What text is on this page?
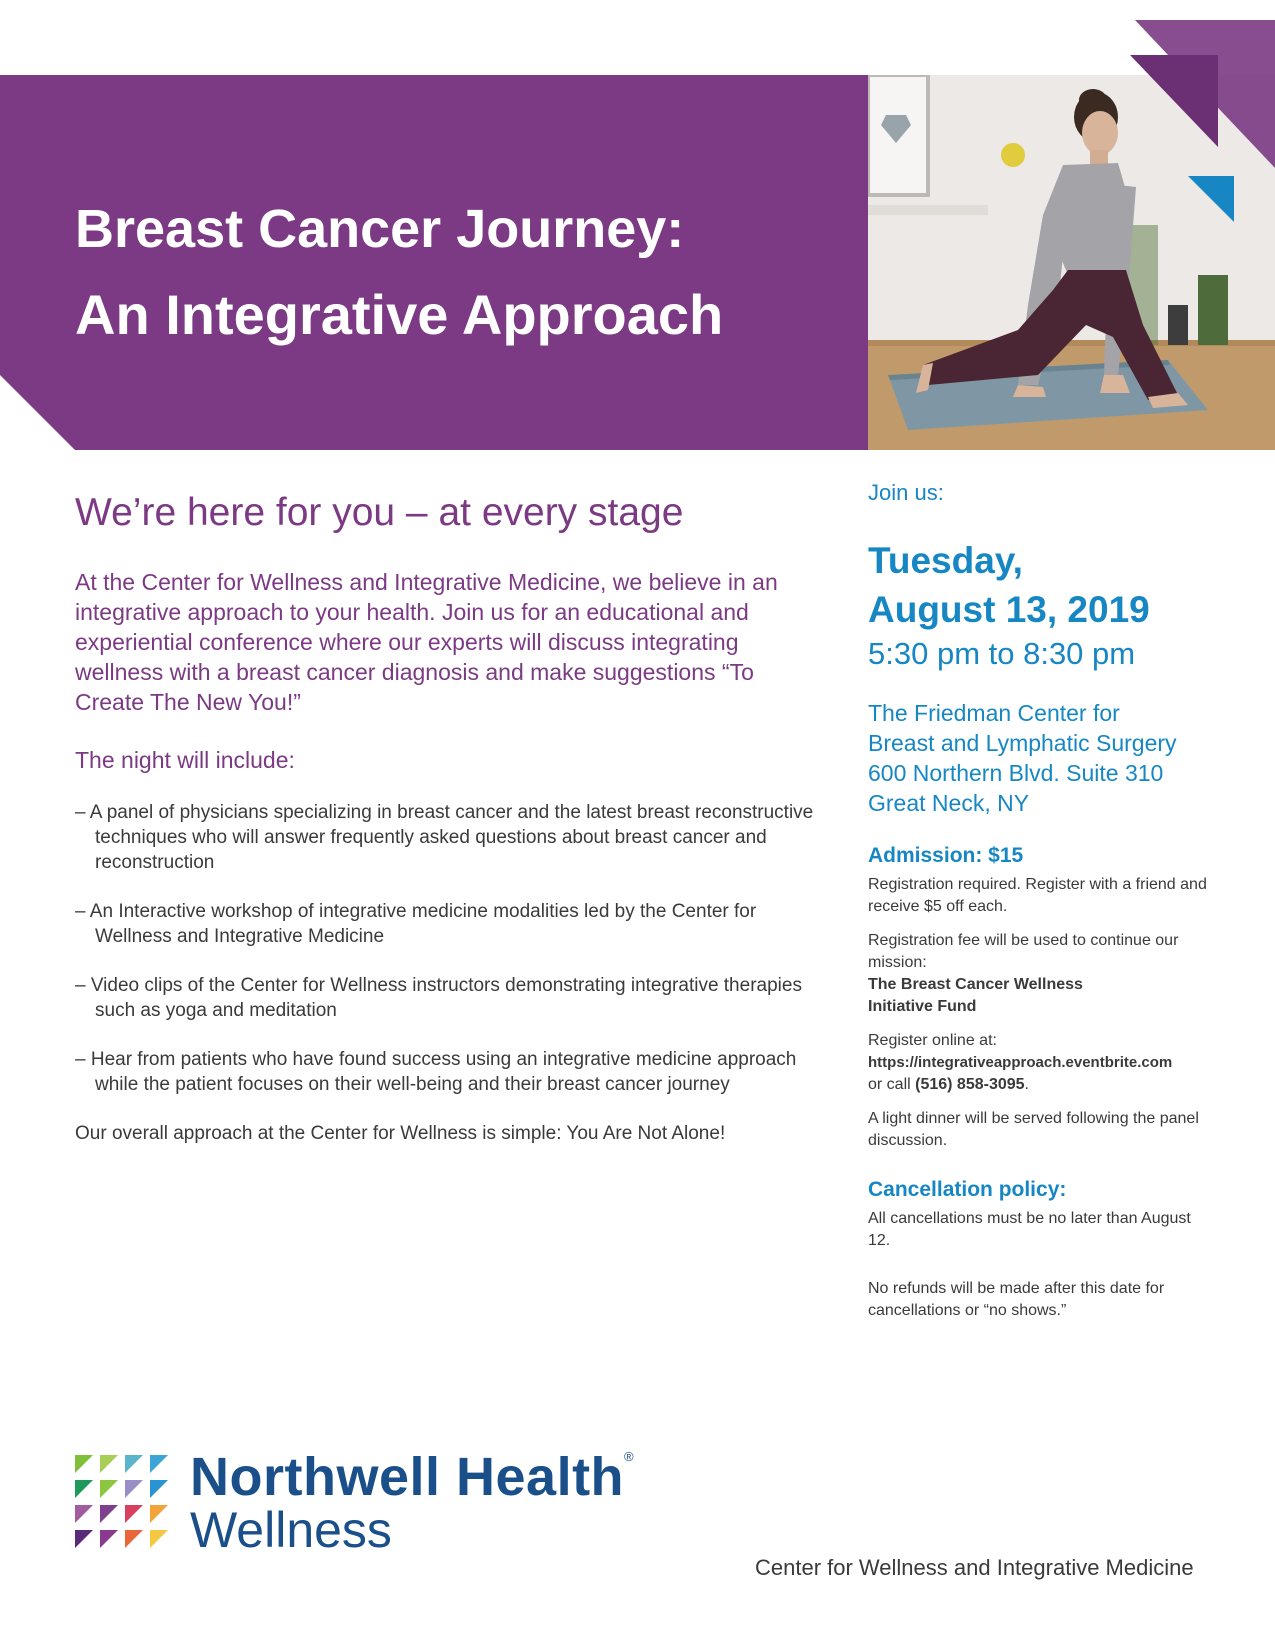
Breast Cancer Journey:
An Integrative Approach
We’re here for you – at every stage

At the Center for Wellness and Integrative Medicine, we believe in an integrative approach to your health. Join us for an educational and experiential conference where our experts will discuss integrating wellness with a breast cancer diagnosis and make suggestions “To Create The New You!”

The night will include:

– A panel of physicians specializing in breast cancer and the latest breast reconstructive techniques who will answer frequently asked questions about breast cancer and reconstruction

– An Interactive workshop of integrative medicine modalities led by the Center for Wellness and Integrative Medicine

– Video clips of the Center for Wellness instructors demonstrating integrative therapies such as yoga and meditation

– Hear from patients who have found success using an integrative medicine approach while the patient focuses on their well-being and their breast cancer journey

Our overall approach at the Center for Wellness is simple: You Are Not Alone!

Join us:

Tuesday,

August 13, 2019

5:30 pm to 8:30 pm

The Friedman Center for
Breast and Lymphatic Surgery
600 Northern Blvd. Suite 310
Great Neck, NY

Admission: $15

Registration required. Register with a friend and receive $5 off each.

Registration fee will be used to continue our mission:
The Breast Cancer Wellness
Initiative Fund

Register online at:
https://integrativeapproach.eventbrite.com
or call (516) 858-3095.

A light dinner will be served following the panel discussion.

Cancellation policy:

All cancellations must be no later than August 12.

No refunds will be made after this date for cancellations or “no shows.”

Northwell Health®

Wellness

Center for Wellness and Integrative Medicine
